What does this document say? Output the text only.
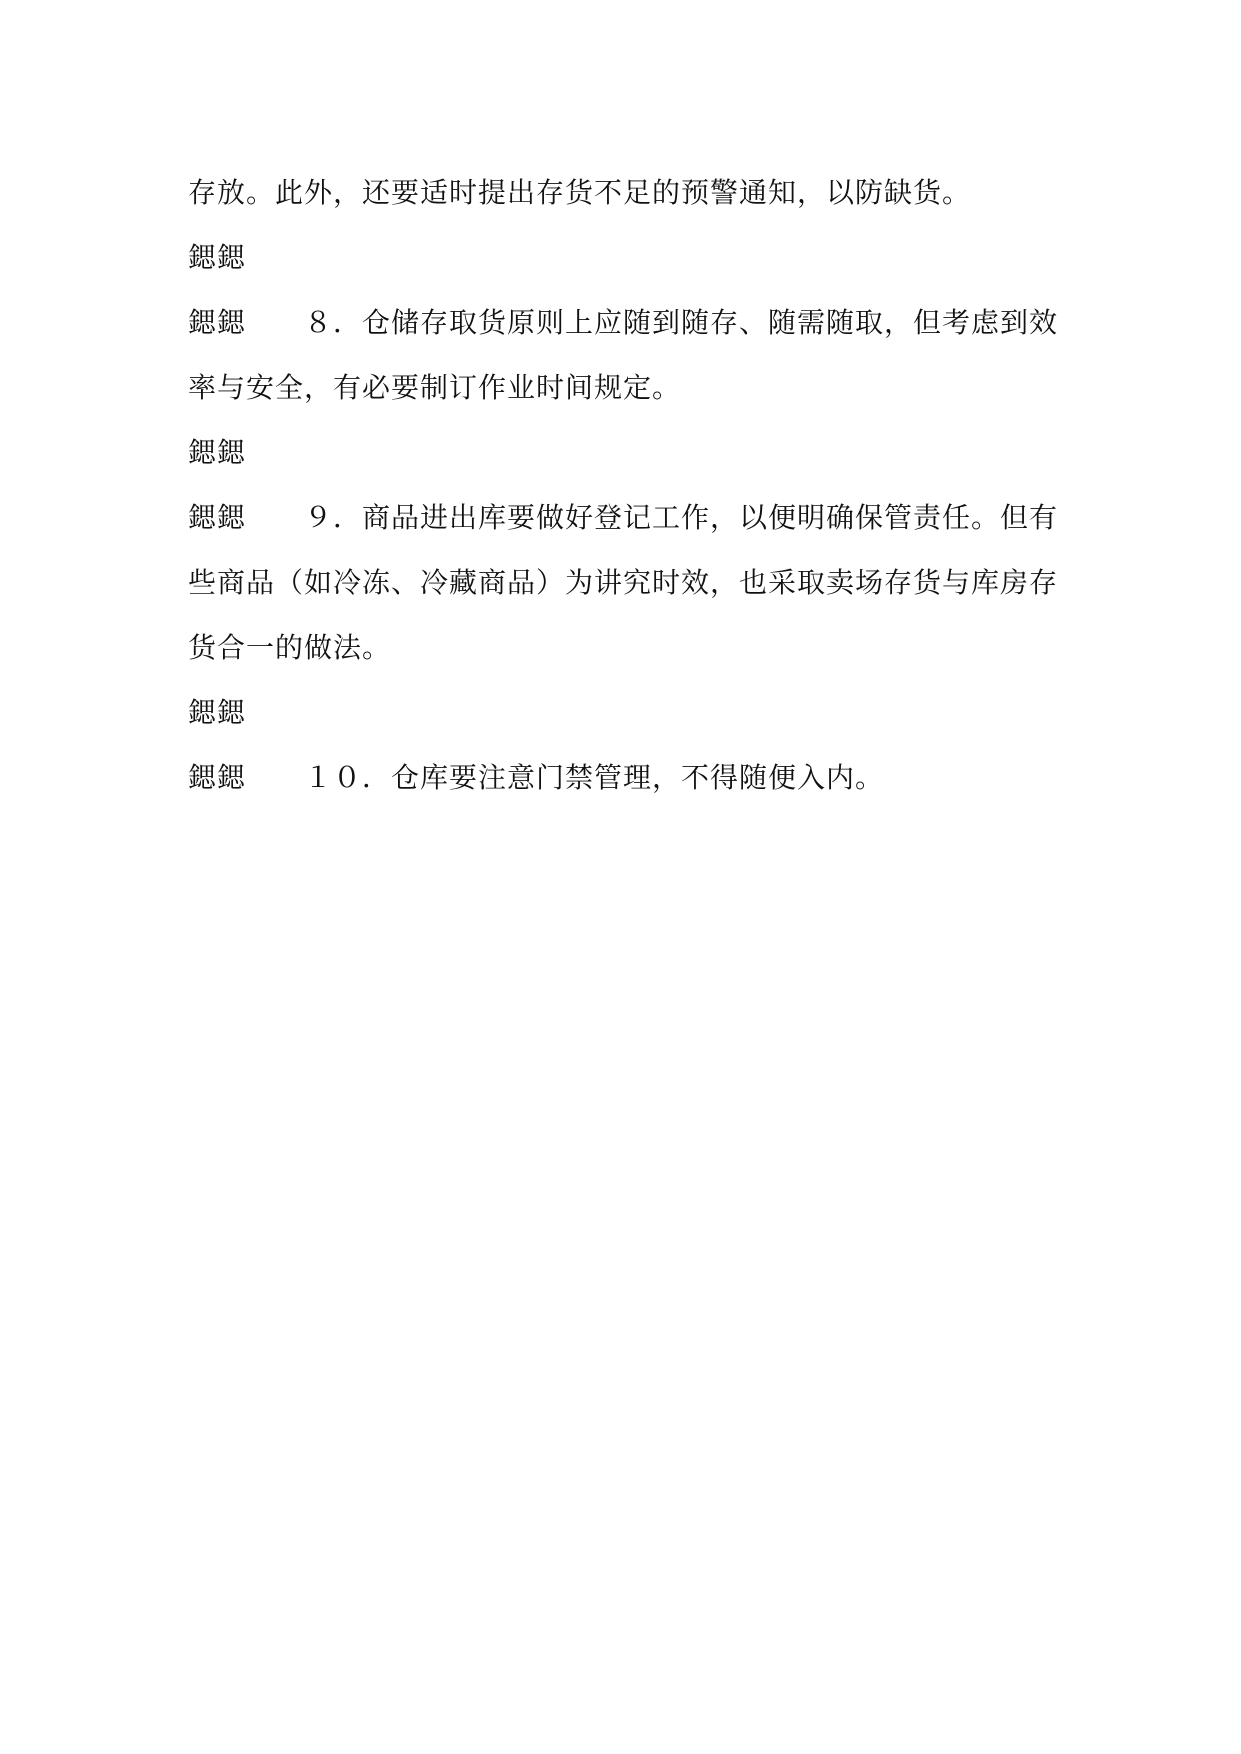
存放。此外，还要适时提出存货不足的预警通知，以防缺货。
鍶鍶
鍶鍶　　８．仓储存取货原则上应随到随存、随需随取，但考虑到效
率与安全，有必要制订作业时间规定。
鍶鍶
鍶鍶　　９．商品进出库要做好登记工作，以便明确保管责任。但有
些商品（如冷冻、冷藏商品）为讲究时效，也采取卖场存货与库房存
货合一的做法。
鍶鍶
鍶鍶　　１０．仓库要注意门禁管理，不得随便入内。
